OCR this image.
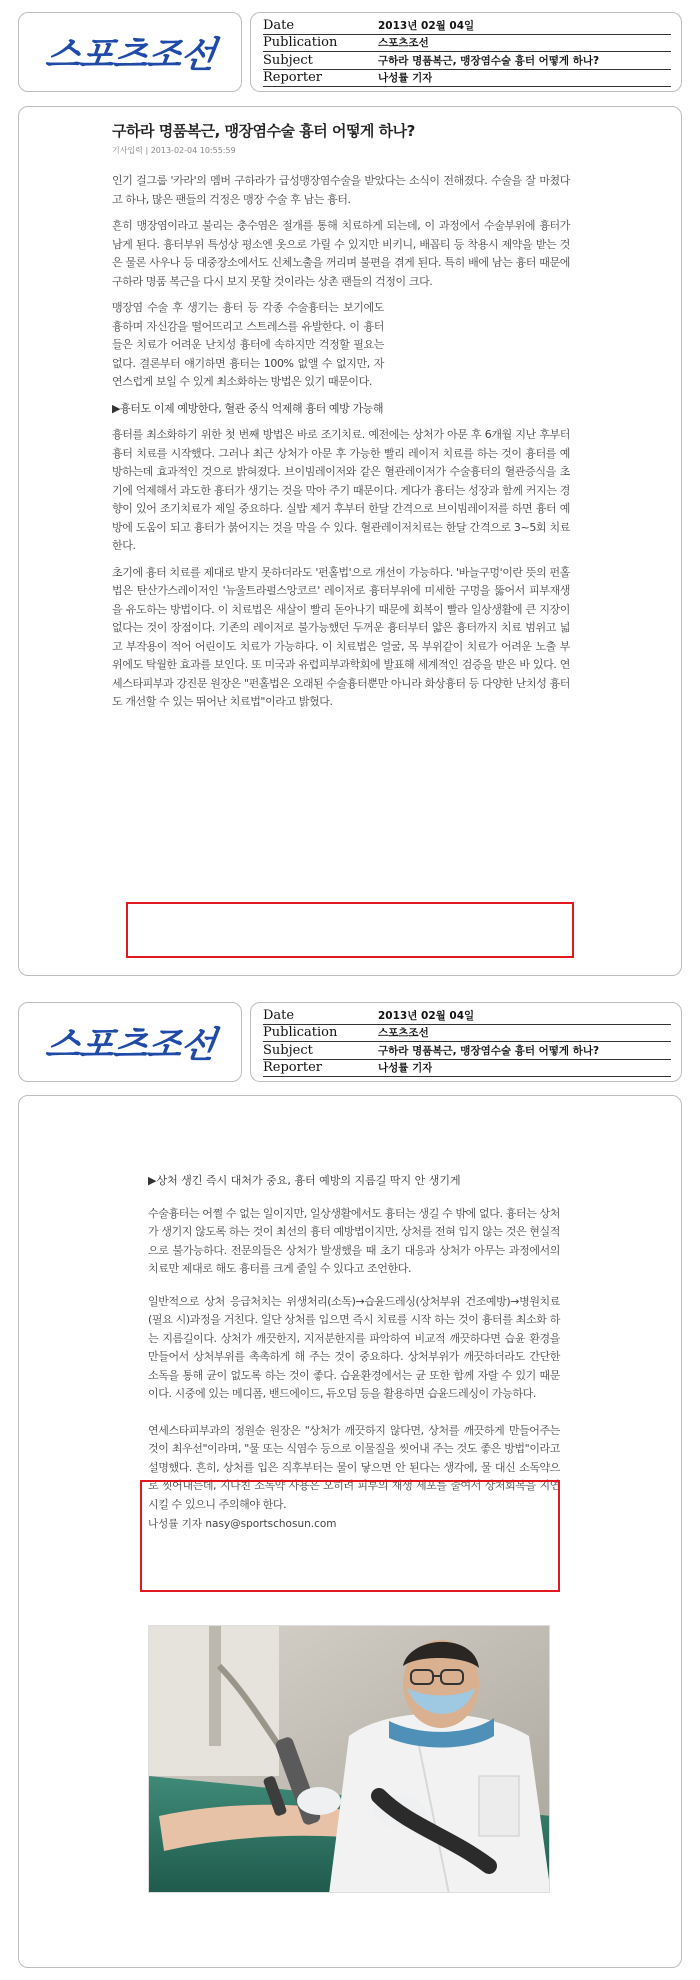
스포츠조선
Date	2013년 02월 04일
Publication	스포츠조선
Subject	구하라 명품복근, 맹장염수술 흉터 어떻게 하나?
Reporter	나성률 기자
구하라 명품복근, 맹장염수술 흉터 어떻게 하나?
기사입력 | 2013-02-04 10:55:59

인기 걸그룹 '카라'의 멤버 구하라가 급성맹장염수술을 받았다는 소식이 전해졌다. 수술을 잘 마쳤다고 하나, 많은 팬들의 걱정은 맹장 수술 후 남는 흉터.

흔히 맹장염이라고 불리는 충수염은 절개를 통해 치료하게 되는데, 이 과정에서 수술부위에 흉터가 남게 된다. 흉터부위 특성상 평소엔 옷으로 가릴 수 있지만 비키니, 배꼽티 등 착용시 제약을 받는 것은 물론 사우나 등 대중장소에서도 신체노출을 꺼리며 불편을 겪게 된다. 특히 배에 남는 흉터 때문에 구하라 명품 복근을 다시 보지 못할 것이라는 상촌 팬들의 걱정이 크다.

맹장염 수술 후 생기는 흉터 등 각종 수술흉터는 보기에도 흉하며 자신감을 떨어뜨리고 스트레스를 유발한다. 이 흉터들은 치료가 어려운 난치성 흉터에 속하지만 걱정할 필요는 없다. 결론부터 얘기하면 흉터는 100% 없앨 수 없지만, 자연스럽게 보일 수 있게 최소화하는 방법은 있기 때문이다.

▶흉터도 이제 예방한다, 혈관 중식 억제해 흉터 예방 가능해

흉터를 최소화하기 위한 첫 번째 방법은 바로 조기치료. 예전에는 상처가 아문 후 6개월 지난 후부터 흉터 치료를 시작했다. 그러나 최근 상처가 아문 후 가능한 빨리 레이저 치료를 하는 것이 흉터를 예방하는데 효과적인 것으로 밝혀졌다. 브이빔레이저와 같은 혈관레이저가 수술흉터의 혈관증식을 초기에 억제해서 과도한 흉터가 생기는 것을 막아 주기 때문이다. 게다가 흉터는 성장과 함께 커지는 경향이 있어 조기치료가 제일 중요하다. 실밥 제거 후부터 한달 간격으로 브이빔레이저를 하면 흉터 예방에 도움이 되고 흉터가 붉어지는 것을 막을 수 있다. 혈관레이저치료는 한달 간격으로 3~5회 치료한다.

초기에 흉터 치료를 제대로 받지 못하더라도 '펀홀법'으로 개선이 가능하다. '바늘구멍'이란 뜻의 펀홀법은 탄산가스레이저인 '뉴울트라펄스앙코르' 레이저로 흉터부위에 미세한 구멍을 뚫어서 피부재생을 유도하는 방법이다. 이 치료법은 새살이 빨리 돋아나기 때문에 회복이 빨라 일상생활에 큰 지장이 없다는 것이 장점이다. 기존의 레이저로 불가능했던 두꺼운 흉터부터 얇은 흉터까지 치료 범위고 넓고 부작용이 적어 어린이도 치료가 가능하다. 이 치료법은 얼굴, 목 부위같이 치료가 어려운 노출 부위에도 탁월한 효과를 보인다. 또 미국과 유럽피부과학회에 발표해 세계적인 검증을 받은 바 있다. 연세스타피부과 강진문 원장은 "펀홀법은 오래된 수술흉터뿐만 아니라 화상흉터 등 다양한 난치성 흉터도 개선할 수 있는 뛰어난 치료법"이라고 밝혔다.

스포츠조선
Date	2013년 02월 04일
Publication	스포츠조선
Subject	구하라 명품복근, 맹장염수술 흉터 어떻게 하나?
Reporter	나성률 기자

▶상처 생긴 즉시 대처가 중요, 흉터 예방의 지름길 딱지 안 생기게

수술흉터는 어쩔 수 없는 일이지만, 일상생활에서도 흉터는 생길 수 밖에 없다. 흉터는 상처가 생기지 않도록 하는 것이 최선의 흉터 예방법이지만, 상처를 전혀 입지 않는 것은 현실적으로 불가능하다. 전문의들은 상처가 발생했을 때 초기 대응과 상처가 아무는 과정에서의 치료만 제대로 해도 흉터를 크게 줄일 수 있다고 조언한다.

일반적으로 상처 응급처치는 위생처리(소독)→습윤드레싱(상처부위 건조예방)→병원치료(필요 시)과정을 거친다. 일단 상처를 입으면 즉시 치료를 시작 하는 것이 흉터를 최소화 하는 지름길이다. 상처가 깨끗한지, 지저분한지를 파악하여 비교적 깨끗하다면 습윤 환경을 만들어서 상처부위를 촉촉하게 해 주는 것이 중요하다. 상처부위가 깨끗하더라도 간단한 소독을 통해 균이 없도록 하는 것이 좋다. 습윤환경에서는 균 또한 함께 자랄 수 있기 때문이다. 시중에 있는 메디폼, 밴드에이드, 듀오덤 등을 활용하면 습윤드레싱이 가능하다.

연세스타피부과의 정원순 원장은 "상처가 깨끗하지 않다면, 상처를 깨끗하게 만들어주는 것이 최우선"이라며, "물 또는 식염수 등으로 이물질을 씻어내 주는 것도 좋은 방법"이라고 설명했다. 흔히, 상처를 입은 직후부터는 물이 닿으면 안 된다는 생각에, 물 대신 소독약으로 씻어내는데, 지나친 소독약 사용은 오히려 피부의 재생 세포를 줄여서 상처회복을 지연시킬 수 있으니 주의해야 한다.

나성률 기자 nasy@sportschosun.com
